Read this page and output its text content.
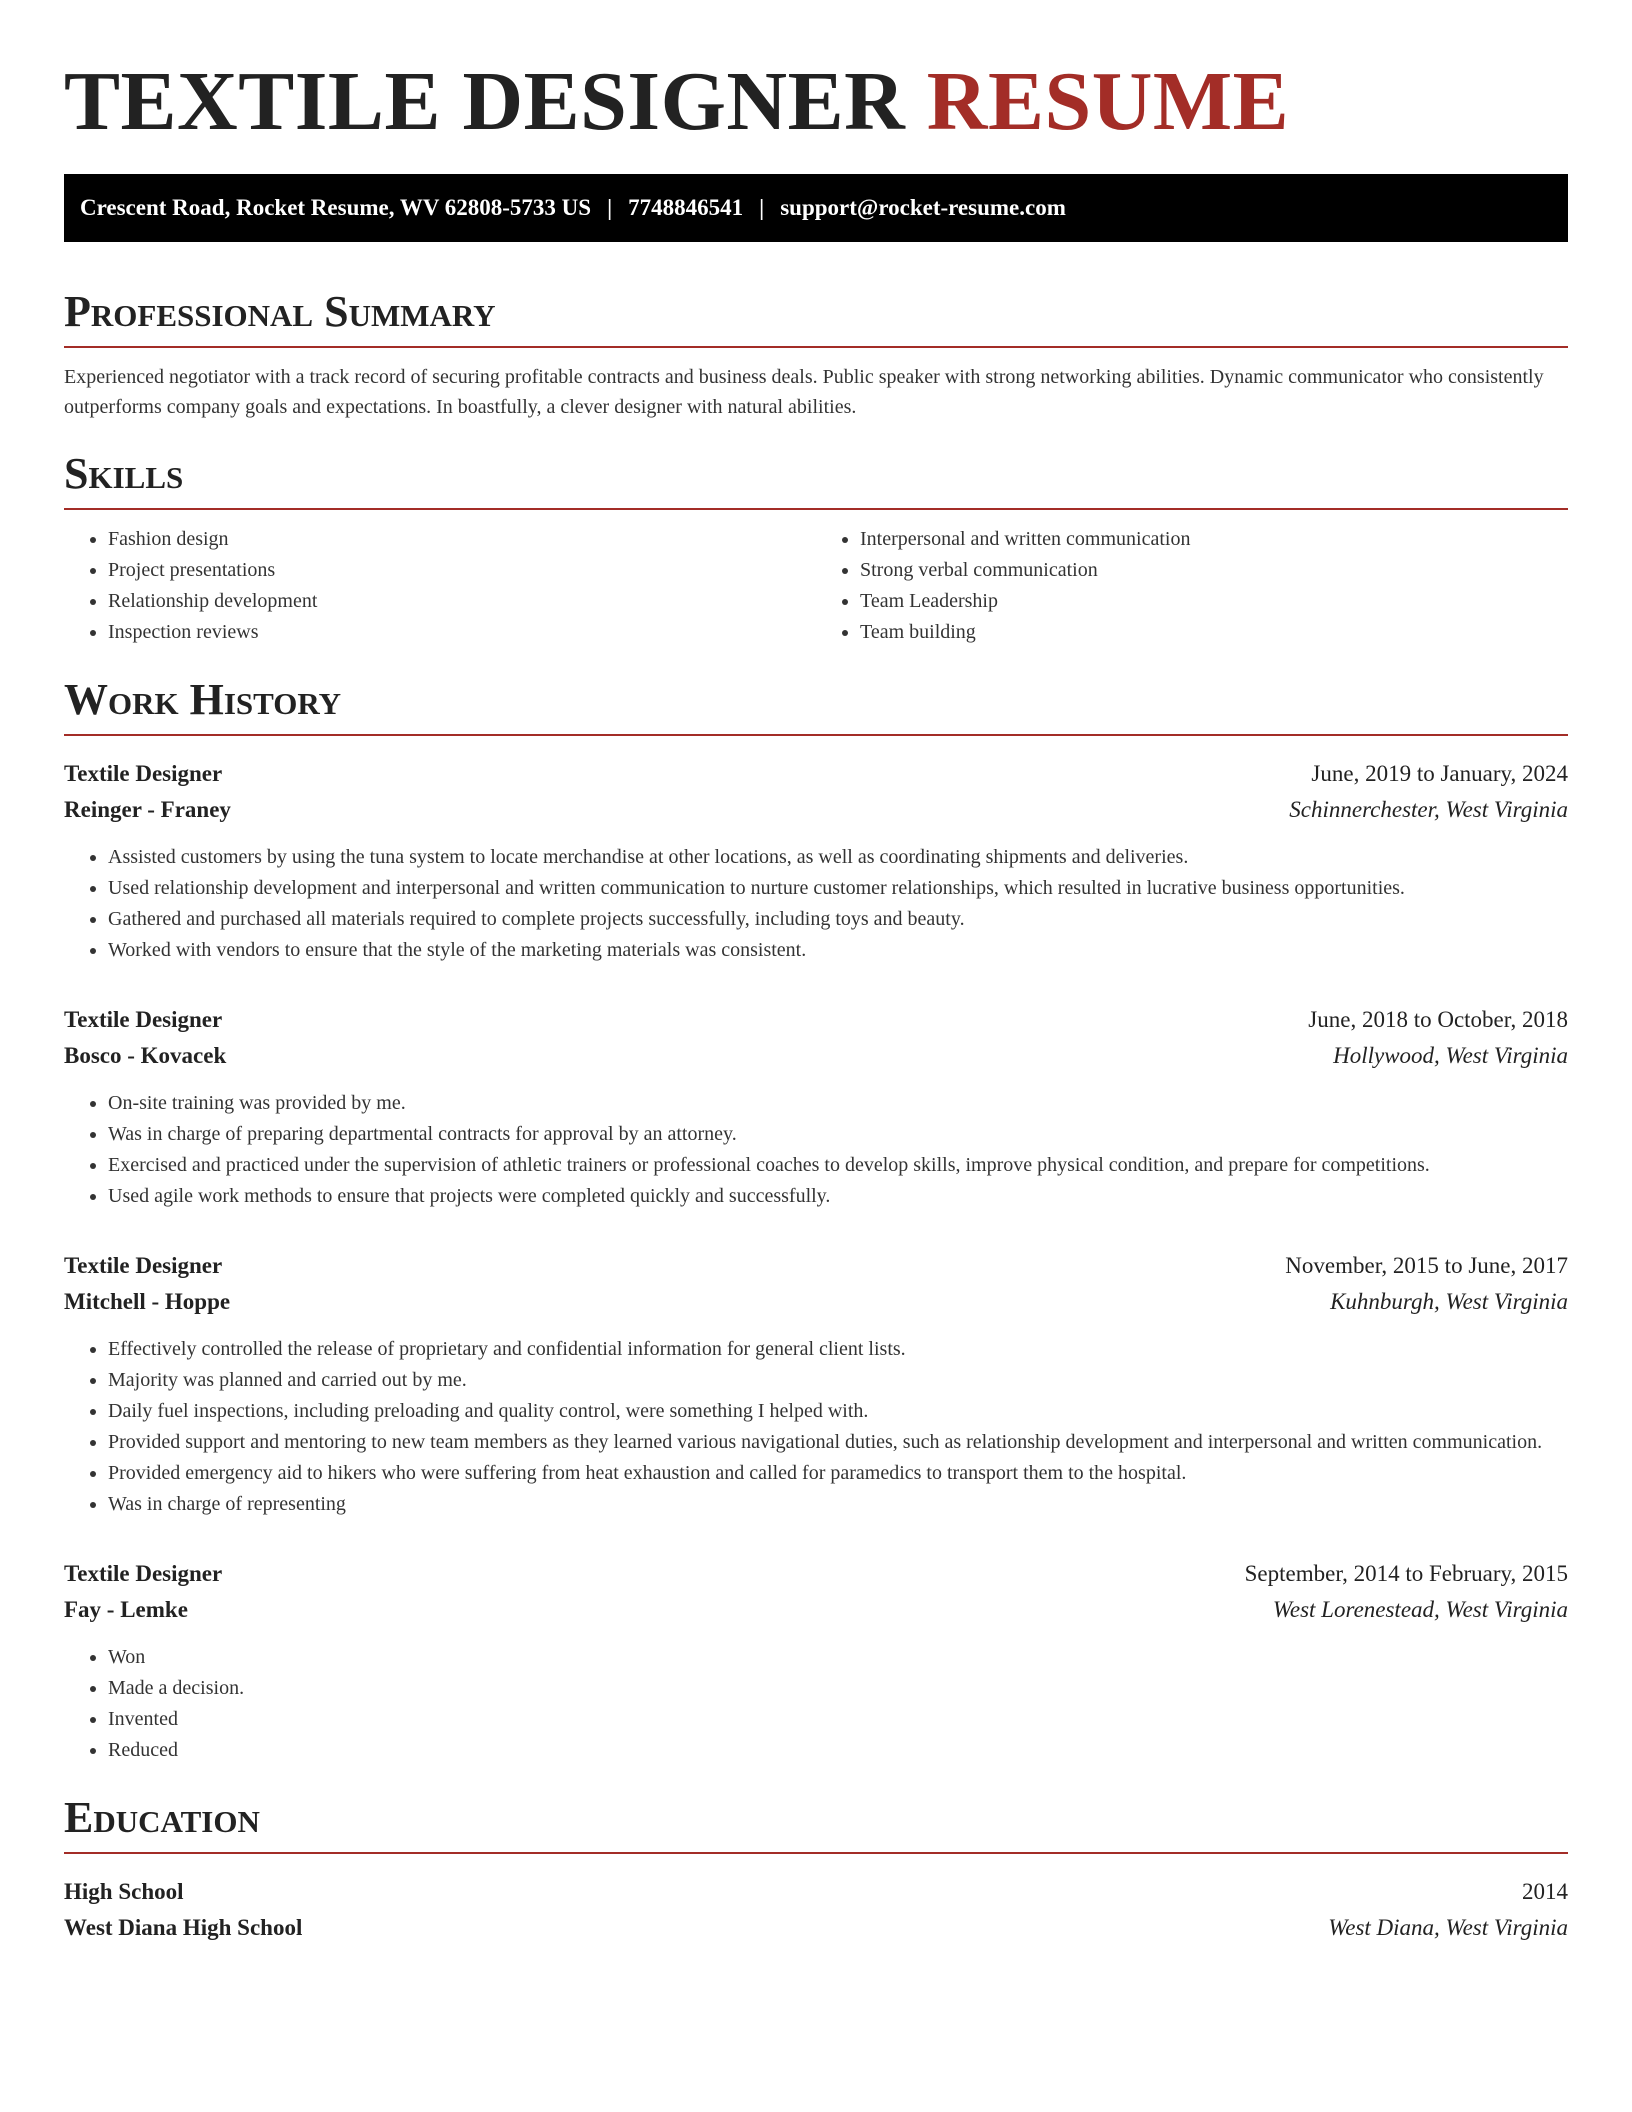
TEXTILE DESIGNER RESUME
Crescent Road, Rocket Resume, WV 62808-5733 US | 7748846541 | support@rocket-resume.com
Professional Summary

Experienced negotiator with a track record of securing profitable contracts and business deals. Public speaker with strong networking abilities. Dynamic communicator who consistently outperforms company goals and expectations. In boastfully, a clever designer with natural abilities.

Skills
• Fashion design
• Project presentations
• Relationship development
• Inspection reviews
• Interpersonal and written communication
• Strong verbal communication
• Team Leadership
• Team building
Work History
Textile Designer	June, 2019 to January, 2024
Reinger - Franey	Schinnerchester, West Virginia
• Assisted customers by using the tuna system to locate merchandise at other locations, as well as coordinating shipments and deliveries.
• Used relationship development and interpersonal and written communication to nurture customer relationships, which resulted in lucrative business opportunities.
• Gathered and purchased all materials required to complete projects successfully, including toys and beauty.
• Worked with vendors to ensure that the style of the marketing materials was consistent.
Textile Designer	June, 2018 to October, 2018
Bosco - Kovacek	Hollywood, West Virginia
• On-site training was provided by me.
• Was in charge of preparing departmental contracts for approval by an attorney.
• Exercised and practiced under the supervision of athletic trainers or professional coaches to develop skills, improve physical condition, and prepare for competitions.
• Used agile work methods to ensure that projects were completed quickly and successfully.
Textile Designer	November, 2015 to June, 2017
Mitchell - Hoppe	Kuhnburgh, West Virginia
• Effectively controlled the release of proprietary and confidential information for general client lists.
• Majority was planned and carried out by me.
• Daily fuel inspections, including preloading and quality control, were something I helped with.
• Provided support and mentoring to new team members as they learned various navigational duties, such as relationship development and interpersonal and written communication.
• Provided emergency aid to hikers who were suffering from heat exhaustion and called for paramedics to transport them to the hospital.
• Was in charge of representing
Textile Designer	September, 2014 to February, 2015
Fay - Lemke	West Lorenestead, West Virginia
• Won
• Made a decision.
• Invented
• Reduced
Education
High School	2014
West Diana High School	West Diana, West Virginia
